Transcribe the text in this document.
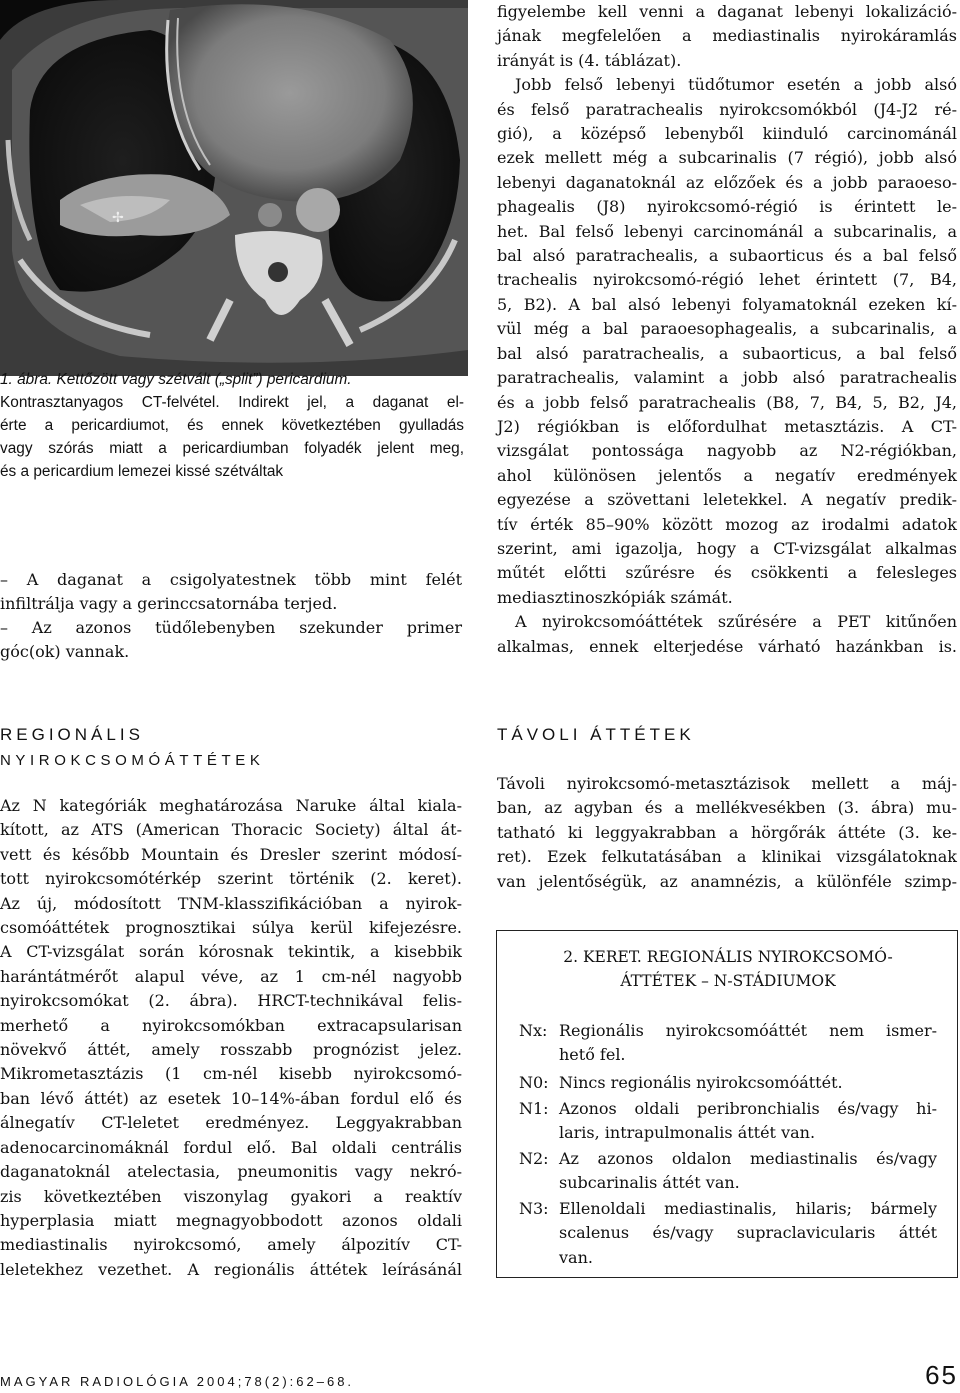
✢
1. ábra. Kettőzött vagy szétvált („split”) pericardium.
Kontrasztanyagos CT-felvétel. Indirekt jel, a daganat el-
érte a pericardiumot, és ennek következtében gyulladás
vagy szórás miatt a pericardiumban folyadék jelent meg,
és a pericardium lemezei kissé szétváltak
– A daganat a csigolyatestnek több mint felét
infiltrálja vagy a gerinccsatornába terjed.
– Az azonos tüdőlebenyben szekunder primer
góc(ok) vannak.
figyelembe kell venni a daganat lebenyi lokalizáció-
jának megfelelően a mediastinalis nyirokáramlás
irányát is (4. táblázat).
Jobb felső lebenyi tüdőtumor esetén a jobb alsó
és felső paratrachealis nyirokcsomókból (J4-J2 ré-
gió), a középső lebenyből kiinduló carcinománál
ezek mellett még a subcarinalis (7 régió), jobb alsó
lebenyi daganatoknál az előzőek és a jobb paraoeso-
phagealis (J8) nyirokcsomó-régió is érintett le-
het. Bal felső lebenyi carcinománál a subcarinalis, a
bal alsó paratrachealis, a subaorticus és a bal felső
trachealis nyirokcsomó-régió lehet érintett (7, B4,
5, B2). A bal alsó lebenyi folyamatoknál ezeken kí-
vül még a bal paraoesophagealis, a subcarinalis, a
bal alsó paratrachealis, a subaorticus, a bal felső
paratrachealis, valamint a jobb alsó paratrachealis
és a jobb felső paratrachealis (B8, 7, B4, 5, B2, J4,
J2) régiókban is előfordulhat metasztázis. A CT-
vizsgálat pontossága nagyobb az N2-régiókban,
ahol különösen jelentős a negatív eredmények
egyezése a szövettani leletekkel. A negatív predik-
tív érték 85–90% között mozog az irodalmi adatok
szerint, ami igazolja, hogy a CT-vizsgálat alkalmas
műtét előtti szűrésre és csökkenti a felesleges
mediasztinoszkópiák számát.
A nyirokcsomóáttétek szűrésére a PET kitűnően
alkalmas, ennek elterjedése várható hazánkban is.
REGIONÁLIS
NYIROKCSOMÓÁTTÉTEK
Az N kategóriák meghatározása Naruke által kiala-
kított, az ATS (American Thoracic Society) által át-
vett és később Mountain és Dresler szerint módosí-
tott nyirokcsomótérkép szerint történik (2. keret).
Az új, módosított TNM-klasszifikációban a nyirok-
csomóáttétek prognosztikai súlya kerül kifejezésre.
A CT-vizsgálat során kórosnak tekintik, a kisebbik
harántátmérőt alapul véve, az 1 cm-nél nagyobb
nyirokcsomókat (2. ábra). HRCT-technikával felis-
merhető a nyirokcsomókban extracapsularisan
növekvő áttét, amely rosszabb prognózist jelez.
Mikrometasztázis (1 cm-nél kisebb nyirokcsomó-
ban lévő áttét) az esetek 10–14%-ában fordul elő és
álnegatív CT-leletet eredményez. Leggyakrabban
adenocarcinomáknál fordul elő. Bal oldali centrális
daganatoknál atelectasia, pneumonitis vagy nekró-
zis következtében viszonylag gyakori a reaktív
hyperplasia miatt megnagyobbodott azonos oldali
mediastinalis nyirokcsomó, amely álpozitív CT-
leletekhez vezethet. A regionális áttétek leírásánál
TÁVOLI ÁTTÉTEK
Távoli nyirokcsomó-metasztázisok mellett a máj-
ban, az agyban és a mellékvesékben (3. ábra) mu-
tatható ki leggyakrabban a hörgőrák áttéte (3. ke-
ret). Ezek felkutatásában a klinikai vizsgálatoknak
van jelentőségük, az anamnézis, a különféle szimp-
2. KERET. REGIONÁLIS NYIROKCSOMÓ-
ÁTTÉTEK – N-STÁDIUMOK
Nx: Regionális nyirokcsomóáttét nem ismer-
hető fel.
N0: Nincs regionális nyirokcsomóáttét.
N1: Azonos oldali peribronchialis és/vagy hi-
laris, intrapulmonalis áttét van.
N2: Az azonos oldalon mediastinalis és/vagy
subcarinalis áttét van.
N3: Ellenoldali mediastinalis, hilaris; bármely
scalenus és/vagy supraclavicularis áttét
van.
MAGYAR RADIOLÓGIA 2004;78(2):62–68.	65
